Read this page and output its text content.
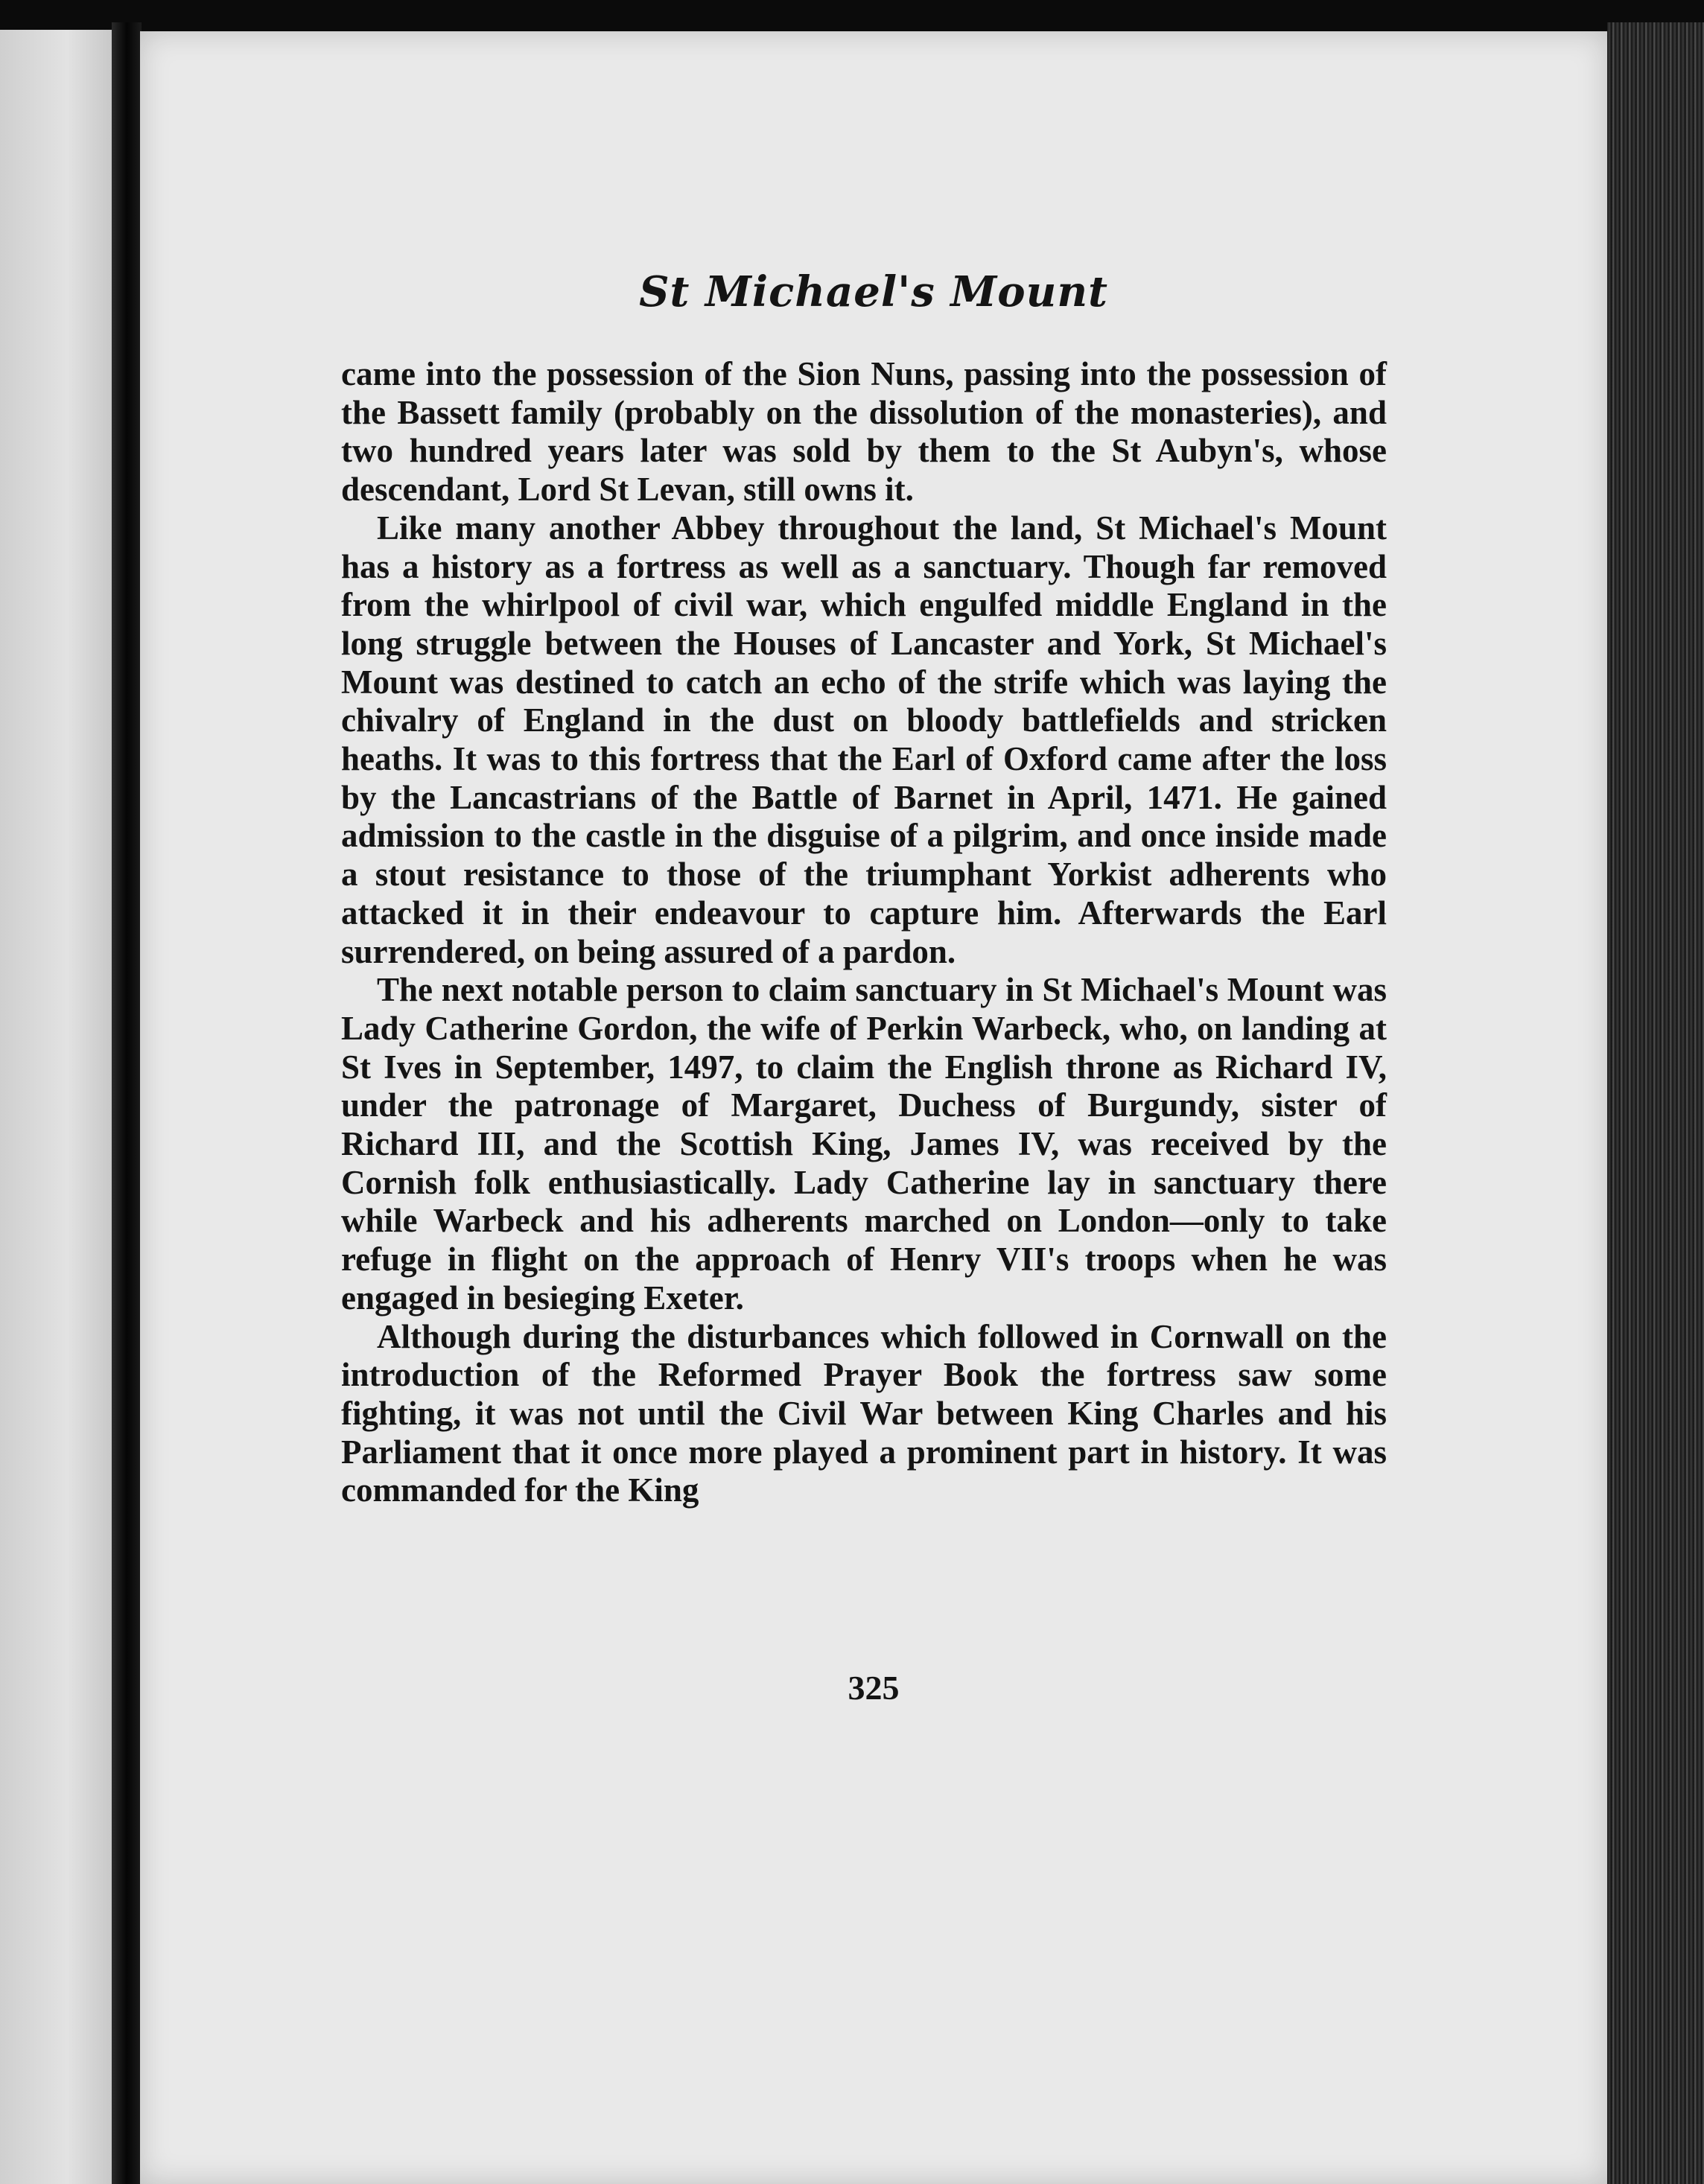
St Michael's Mount

came into the possession of the Sion Nuns, passing into the possession of the Bassett family (probably on the dissolution of the monasteries), and two hundred years later was sold by them to the St Aubyn's, whose descendant, Lord St Levan, still owns it.

Like many another Abbey throughout the land, St Michael's Mount has a history as a fortress as well as a sanctuary. Though far removed from the whirlpool of civil war, which engulfed middle England in the long struggle between the Houses of Lancaster and York, St Michael's Mount was destined to catch an echo of the strife which was laying the chivalry of England in the dust on bloody battlefields and stricken heaths. It was to this fortress that the Earl of Oxford came after the loss by the Lancastrians of the Battle of Barnet in April, 1471. He gained admission to the castle in the disguise of a pilgrim, and once inside made a stout resistance to those of the triumphant Yorkist adherents who attacked it in their endeavour to capture him. Afterwards the Earl surrendered, on being assured of a pardon.

The next notable person to claim sanctuary in St Michael's Mount was Lady Catherine Gordon, the wife of Perkin Warbeck, who, on landing at St Ives in September, 1497, to claim the English throne as Richard IV, under the patronage of Margaret, Duchess of Burgundy, sister of Richard III, and the Scottish King, James IV, was received by the Cornish folk enthusiastically. Lady Catherine lay in sanctuary there while Warbeck and his adherents marched on London—only to take refuge in flight on the approach of Henry VII's troops when he was engaged in besieging Exeter.

Although during the disturbances which followed in Cornwall on the introduction of the Reformed Prayer Book the fortress saw some fighting, it was not until the Civil War between King Charles and his Parliament that it once more played a prominent part in history. It was commanded for the King

325
